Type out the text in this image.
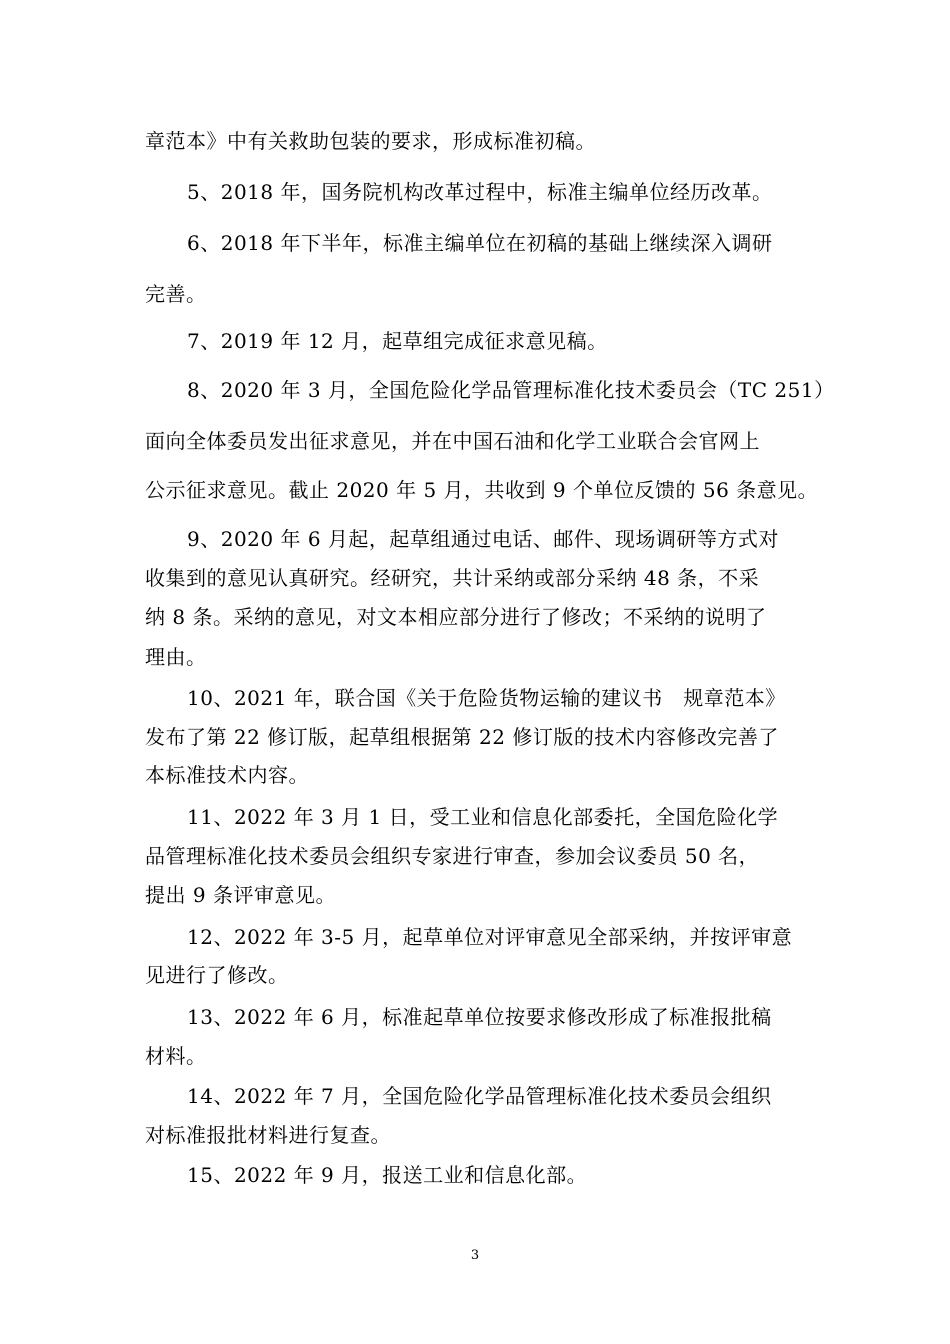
章范本》中有关救助包装的要求，形成标准初稿。
5、2018 年，国务院机构改革过程中，标准主编单位经历改革。
6、2018 年下半年，标准主编单位在初稿的基础上继续深入调研
完善。
7、2019 年 12 月，起草组完成征求意见稿。
8、2020 年 3 月，全国危险化学品管理标准化技术委员会（TC 251）
面向全体委员发出征求意见，并在中国石油和化学工业联合会官网上
公示征求意见。截止 2020 年 5 月，共收到 9 个单位反馈的 56 条意见。
9、2020 年 6 月起，起草组通过电话、邮件、现场调研等方式对
收集到的意见认真研究。经研究，共计采纳或部分采纳 48 条，不采
纳 8 条。采纳的意见，对文本相应部分进行了修改；不采纳的说明了
理由。
10、2021 年，联合国《关于危险货物运输的建议书　规章范本》
发布了第 22 修订版，起草组根据第 22 修订版的技术内容修改完善了
本标准技术内容。
11、2022 年 3 月 1 日，受工业和信息化部委托，全国危险化学
品管理标准化技术委员会组织专家进行审查，参加会议委员 50 名，
提出 9 条评审意见。
12、2022 年 3-5 月，起草单位对评审意见全部采纳，并按评审意
见进行了修改。
13、2022 年 6 月，标准起草单位按要求修改形成了标准报批稿
材料。
14、2022 年 7 月，全国危险化学品管理标准化技术委员会组织
对标准报批材料进行复查。
15、2022 年 9 月，报送工业和信息化部。
3
